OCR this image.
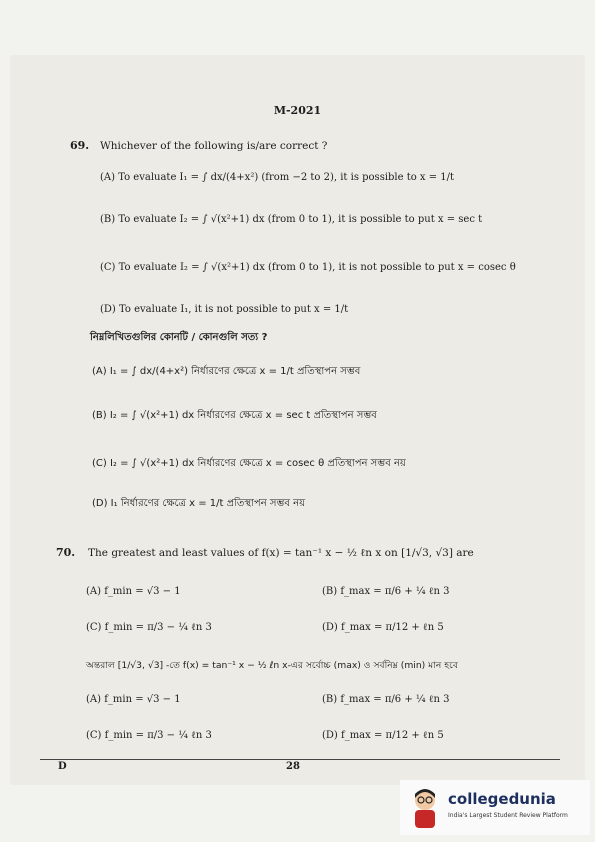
M-2021
69. Whichever of the following is/are correct ?
(A) To evaluate I₁ = ∫ dx/(4+x²) (from −2 to 2), it is possible to x = 1/t
(B) To evaluate I₂ = ∫ √(x²+1) dx (from 0 to 1), it is possible to put x = sec t
(C) To evaluate I₂ = ∫ √(x²+1) dx (from 0 to 1), it is not possible to put x = cosec θ
(D) To evaluate I₁, it is not possible to put x = 1/t
নিম্নলিখিতগুলির কোনটি / কোনগুলি সত্য ?
(A) I₁ = ∫ dх/(4+x²) নির্ধারণের ক্ষেত্রে x = 1/t প্রতিস্থাপন সম্ভব
(B) I₂ = ∫ √(x²+1) dx নির্ধারণের ক্ষেত্রে x = sec t প্রতিস্থাপন সম্ভব
(C) I₂ = ∫ √(x²+1) dx নির্ধারণের ক্ষেত্রে x = cosec θ প্রতিস্থাপন সম্ভব নয়
(D) I₁ নির্ধারণের ক্ষেত্রে x = 1/t প্রতিস্থাপন সম্ভব নয়
70. The greatest and least values of f(x) = tan⁻¹ x − ½ ℓn x on [1/√3, √3] are
(A) f_min = √3 − 1	(B) f_max = π/6 + ¼ ℓn 3
(C) f_min = π/3 − ¼ ℓn 3	(D) f_max = π/12 + ℓn 5
অন্তরাল [1/√3, √3] -তে f(x) = tan⁻¹ x − ½ ℓn x-এর সর্বোচ্চ (max) ও সর্বনিম্ন (min) মান হবে
(A) f_min = √3 − 1	(B) f_max = π/6 + ¼ ℓn 3
(C) f_min = π/3 − ¼ ℓn 3	(D) f_max = π/12 + ℓn 5
D	28
collegedunia
India's Largest Student Review Platform
